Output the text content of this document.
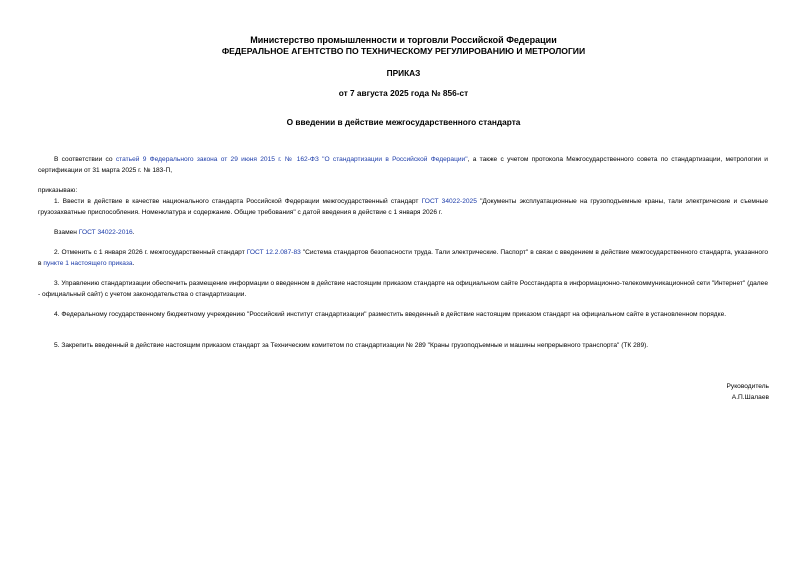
Министерство промышленности и торговли Российской Федерации
ФЕДЕРАЛЬНОЕ АГЕНТСТВО ПО ТЕХНИЧЕСКОМУ РЕГУЛИРОВАНИЮ И МЕТРОЛОГИИ
ПРИКАЗ
от 7 августа 2025 года № 856-ст
О введении в действие межгосударственного стандарта
В соответствии со статьей 9 Федерального закона от 29 июня 2015 г. № 162-ФЗ "О стандартизации в Российской Федерации", а также с учетом протокола Межгосударственного совета по стандартизации, метрологии и сертификации от 31 марта 2025 г. № 183-П,
приказываю:
1. Ввести в действие в качестве национального стандарта Российской Федерации межгосударственный стандарт ГОСТ 34022-2025 "Документы эксплуатационные на грузоподъемные краны, тали электрические и съемные грузозахватные приспособления. Номенклатура и содержание. Общие требования" с датой введения в действие с 1 января 2026 г.
Взамен ГОСТ 34022-2016.
2. Отменить с 1 января 2026 г. межгосударственный стандарт ГОСТ 12.2.087-83 "Система стандартов безопасности труда. Тали электрические. Паспорт" в связи с введением в действие межгосударственного стандарта, указанного в пункте 1 настоящего приказа.
3. Управлению стандартизации обеспечить размещение информации о введенном в действие настоящим приказом стандарте на официальном сайте Росстандарта в информационно-телекоммуникационной сети "Интернет" (далее - официальный сайт) с учетом законодательства о стандартизации.
4. Федеральному государственному бюджетному учреждению "Российский институт стандартизации" разместить введенный в действие настоящим приказом стандарт на официальном сайте в установленном порядке.
5. Закрепить введенный в действие настоящим приказом стандарт за Техническим комитетом по стандартизации № 289 "Краны грузоподъемные и машины непрерывного транспорта" (ТК 289).
Руководитель
А.П.Шалаев
